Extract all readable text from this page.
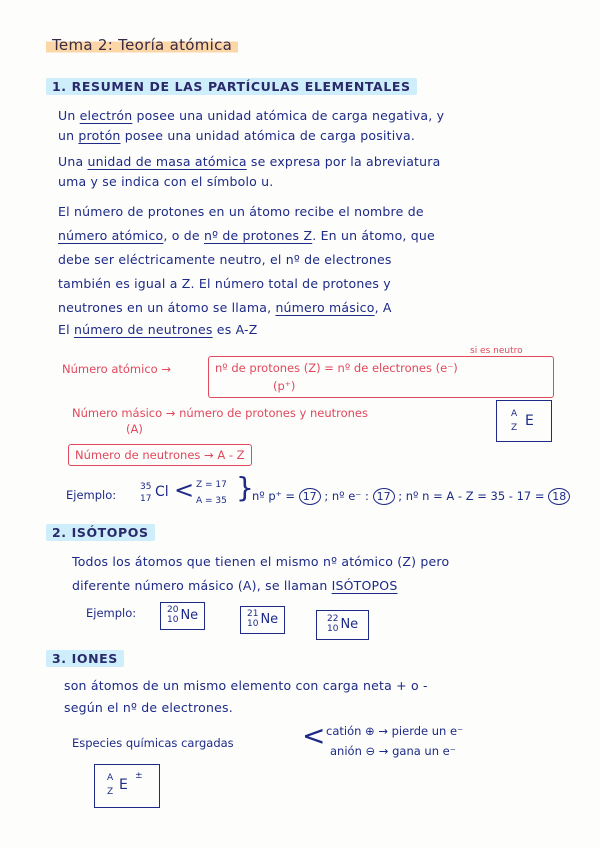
Tema 2: Teoría atómica
1. RESUMEN DE LAS PARTÍCULAS ELEMENTALES
Un electrón posee una unidad atómica de carga negativa, y
un protón posee una unidad atómica de carga positiva.
Una unidad de masa atómica se expresa por la abreviatura
uma y se indica con el símbolo u.
El número de protones en un átomo recibe el nombre de
número atómico, o de nº de protones Z. En un átomo, que
debe ser eléctricamente neutro, el nº de electrones
también es igual a Z. El número total de protones y
neutrones en un átomo se llama, número másico, A
El número de neutrones es A-Z
si es neutro
Número atómico →	nº de protones (Z) = nº de electrones (e⁻)
(p⁺)
Número másico → número de protones y neutrones
(A)
A
Z E
Número de neutrones → A - Z
Ejemplo:
35
17 Cl < Z = 17
A = 35 }
nº p⁺ = 17 ; nº e⁻ : 17 ; nº n = A - Z = 35 - 17 = 18
2. ISÓTOPOS
Todos los átomos que tienen el mismo nº atómico (Z) pero
diferente número másico (A), se llaman ISÓTOPOS
Ejemplo:	20
10 Ne	21
10 Ne	22
10 Ne
3. IONES
son átomos de un mismo elemento con carga neta + o -
según el nº de electrones.
Especies químicas cargadas < catión ⊕ → pierde un e⁻
anión ⊖ → gana un e⁻
A
Z E
±
